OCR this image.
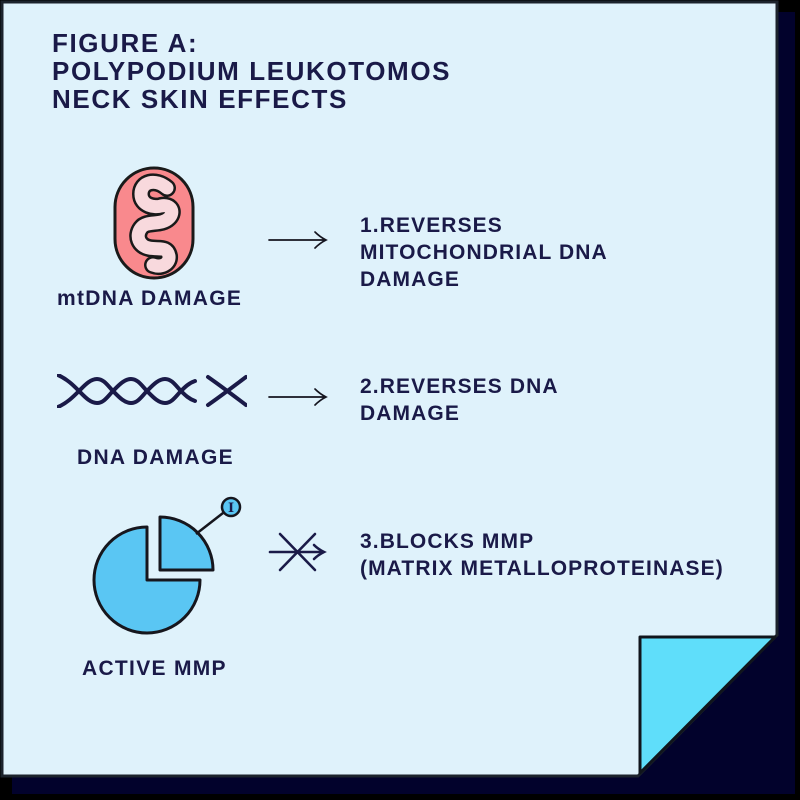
FIGURE A:
POLYPODIUM LEUKOTOMOS
NECK SKIN EFFECTS
mtDNA DAMAGE
1.REVERSES
MITOCHONDRIAL DNA
DAMAGE
DNA DAMAGE
2.REVERSES DNA
DAMAGE
I
ACTIVE MMP
3.BLOCKS MMP
(MATRIX METALLOPROTEINASE)
